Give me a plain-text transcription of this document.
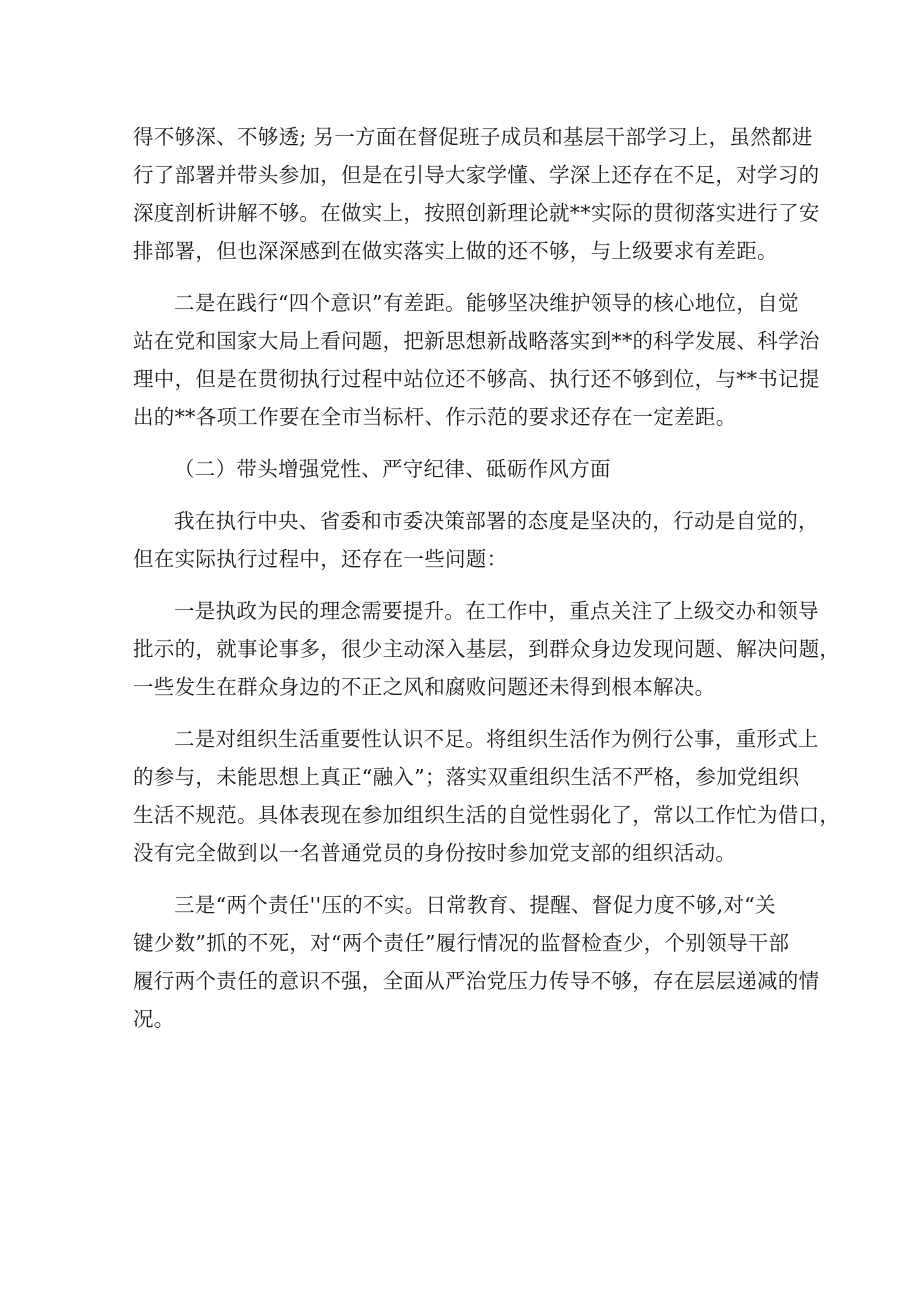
得不够深、不够透; 另一方面在督促班子成员和基层干部学习上，虽然都进
行了部署并带头参加，但是在引导大家学懂、学深上还存在不足，对学习的
深度剖析讲解不够。在做实上，按照创新理论就**实际的贯彻落实进行了安
排部署，但也深深感到在做实落实上做的还不够，与上级要求有差距。
二是在践行“四个意识”有差距。能够坚决维护领导的核心地位，自觉
站在党和国家大局上看问题，把新思想新战略落实到**的科学发展、科学治
理中，但是在贯彻执行过程中站位还不够高、执行还不够到位，与**书记提
出的**各项工作要在全市当标杆、作示范的要求还存在一定差距。
（二）带头增强党性、严守纪律、砥砺作风方面
我在执行中央、省委和市委决策部署的态度是坚决的，行动是自觉的，
但在实际执行过程中，还存在一些问题：
一是执政为民的理念需要提升。在工作中，重点关注了上级交办和领导
批示的，就事论事多，很少主动深入基层，到群众身边发现问题、解决问题，
一些发生在群众身边的不正之风和腐败问题还未得到根本解决。
二是对组织生活重要性认识不足。将组织生活作为例行公事，重形式上
的参与，未能思想上真正“融入”；落实双重组织生活不严格，参加党组织
生活不规范。具体表现在参加组织生活的自觉性弱化了，常以工作忙为借口，
没有完全做到以一名普通党员的身份按时参加党支部的组织活动。
三是“两个责任''压的不实。日常教育、提醒、督促力度不够,对“关
键少数”抓的不死，对“两个责任”履行情况的监督检查少，个别领导干部
履行两个责任的意识不强，全面从严治党压力传导不够，存在层层递减的情
况。
